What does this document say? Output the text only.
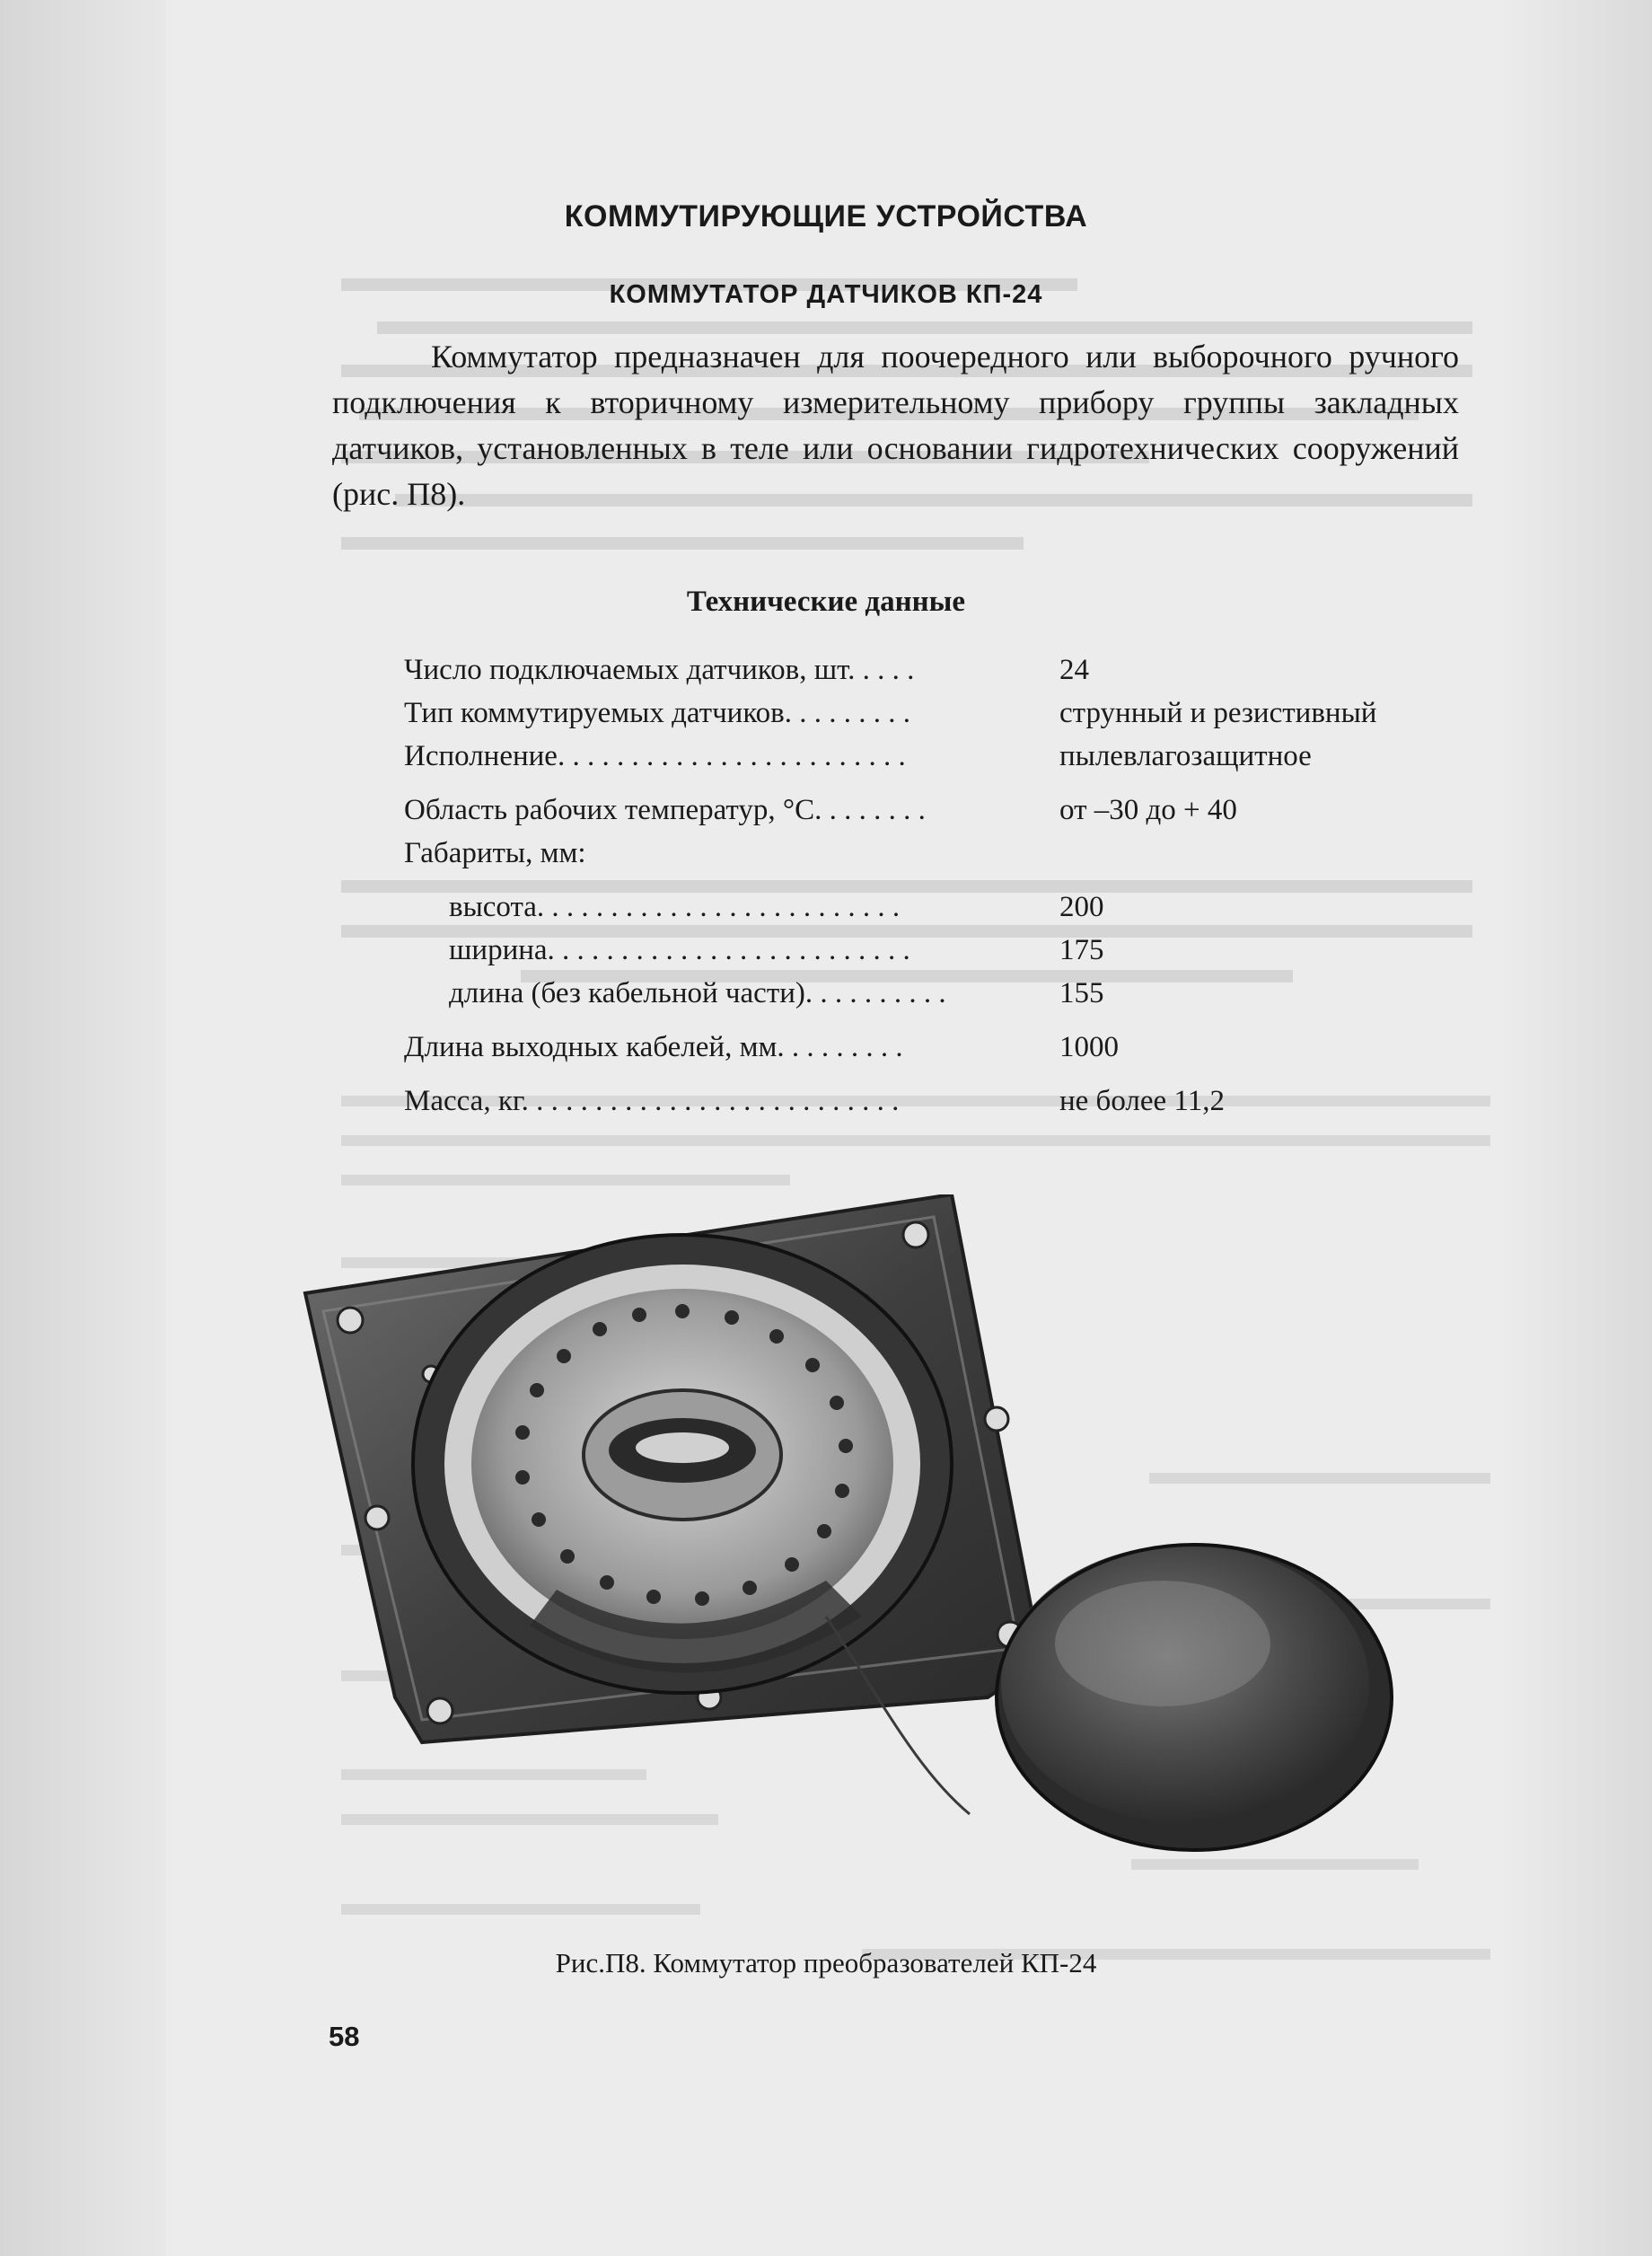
КОММУТИРУЮЩИЕ УСТРОЙСТВА
КОММУТАТОР ДАТЧИКОВ КП-24

Коммутатор предназначен для поочередного или выборочного ручного подключения к вторичному измерительному прибору группы закладных датчиков, установленных в теле или основании гидротехнических сооружений (рис. П8).

Технические данные
Число подключаемых датчиков, шт. . . . .	24
Тип коммутируемых датчиков. . . . . . . . .	струнный и резистивный
Исполнение. . . . . . . . . . . . . . . . . . . . . . . .	пылевлагозащитное
Область рабочих температур, °С. . . . . . . .	от –30 до + 40
Габариты, мм:
высота. . . . . . . . . . . . . . . . . . . . . . . . .	200
ширина. . . . . . . . . . . . . . . . . . . . . . . . .	175
длина (без кабельной части). . . . . . . . . .	155
Длина выходных кабелей, мм. . . . . . . . .	1000
Масса, кг. . . . . . . . . . . . . . . . . . . . . . . . . .	не более 11,2
Рис.П8. Коммутатор преобразователей КП-24
58
